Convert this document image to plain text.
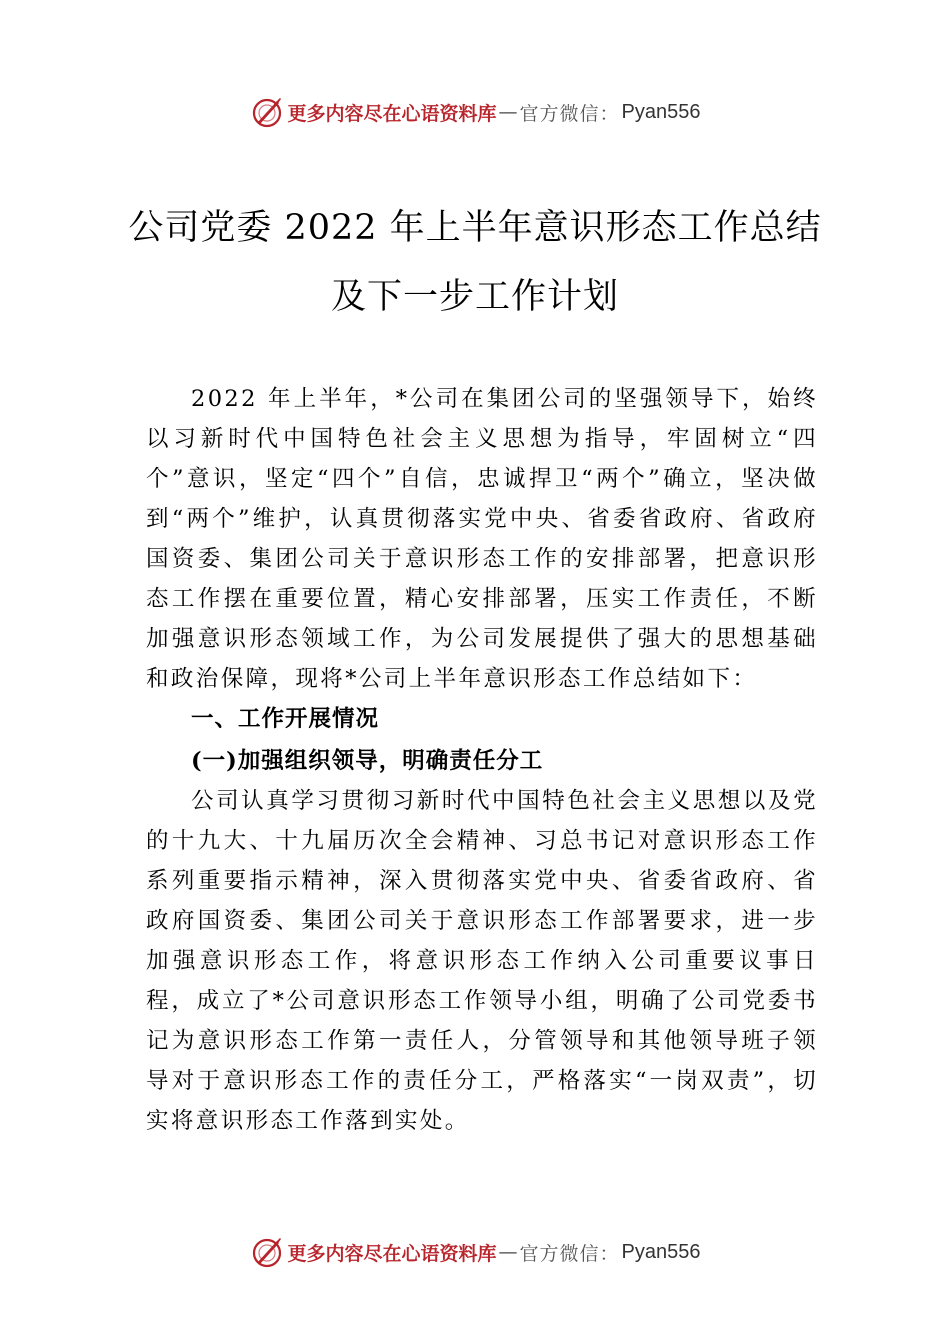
更多内容尽在心语资料库 — 官方微信： Pyan556
公司党委 2022 年上半年意识形态工作总结
及下一步工作计划

2022 年上半年，*公司在集团公司的坚强领导下，始终以习新时代中国特色社会主义思想为指导，牢固树立“四个”意识，坚定“四个”自信，忠诚捍卫“两个”确立，坚决做到“两个”维护，认真贯彻落实党中央、省委省政府、省政府国资委、集团公司关于意识形态工作的安排部署，把意识形态工作摆在重要位置，精心安排部署，压实工作责任，不断加强意识形态领域工作，为公司发展提供了强大的思想基础和政治保障，现将*公司上半年意识形态工作总结如下：

一、工作开展情况

(一)加强组织领导，明确责任分工

公司认真学习贯彻习新时代中国特色社会主义思想以及党的十九大、十九届历次全会精神、习总书记对意识形态工作系列重要指示精神，深入贯彻落实党中央、省委省政府、省政府国资委、集团公司关于意识形态工作部署要求，进一步加强意识形态工作，将意识形态工作纳入公司重要议事日程，成立了*公司意识形态工作领导小组，明确了公司党委书记为意识形态工作第一责任人，分管领导和其他领导班子领导对于意识形态工作的责任分工，严格落实“一岗双责”，切实将意识形态工作落到实处。

更多内容尽在心语资料库 — 官方微信： Pyan556
